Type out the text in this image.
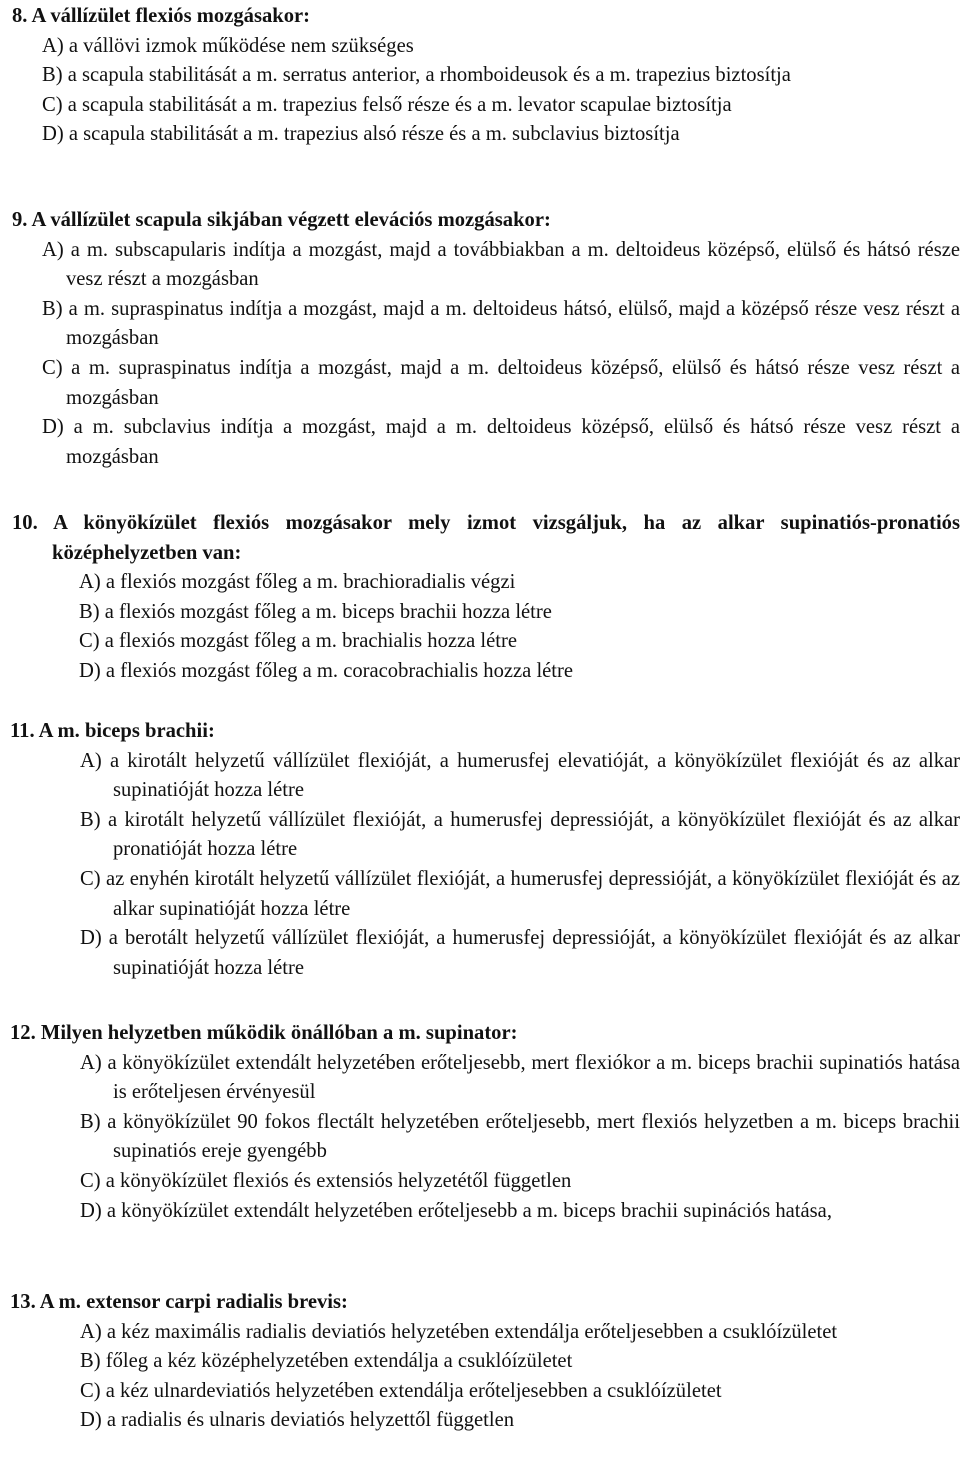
8. A vállízület flexiós mozgásakor:
A) a vállövi izmok működése nem szükséges
B) a scapula stabilitását a m. serratus anterior, a rhomboideusok és a m. trapezius biztosítja
C) a scapula stabilitását a m. trapezius felső része és a m. levator scapulae biztosítja
D) a scapula stabilitását a m. trapezius alsó része és a m. subclavius biztosítja
9. A vállízület scapula sikjában végzett elevációs mozgásakor:
A) a m. subscapularis indítja a mozgást, majd a továbbiakban a m. deltoideus középső, elülső és hátsó része vesz részt a mozgásban
B) a m. supraspinatus indítja a mozgást, majd a m. deltoideus hátsó, elülső, majd a középső része vesz részt a mozgásban
C) a m. supraspinatus indítja a mozgást, majd a m. deltoideus középső, elülső és hátsó része vesz részt a mozgásban
D) a m. subclavius indítja a mozgást, majd a m. deltoideus középső, elülső és hátsó része vesz részt a mozgásban
10. A könyökízület flexiós mozgásakor mely izmot vizsgáljuk, ha az alkar supinatiós-pronatiós középhelyzetben van:
A) a flexiós mozgást főleg a m. brachioradialis végzi
B) a flexiós mozgást főleg a m. biceps brachii hozza létre
C) a flexiós mozgást főleg a m. brachialis hozza létre
D) a flexiós mozgást főleg a m. coracobrachialis hozza létre
11. A m. biceps brachii:
A) a kirotált helyzetű vállízület flexióját, a humerusfej elevatióját, a könyökízület flexióját és az alkar supinatióját hozza létre
B) a kirotált helyzetű vállízület flexióját, a humerusfej depressióját, a könyökízület flexióját és az alkar pronatióját hozza létre
C) az enyhén kirotált helyzetű vállízület flexióját, a humerusfej depressióját, a könyökízület flexióját és az alkar supinatióját hozza létre
D) a berotált helyzetű vállízület flexióját, a humerusfej depressióját, a könyökízület flexióját és az alkar supinatióját hozza létre
12. Milyen helyzetben működik önállóban a m. supinator:
A) a könyökízület extendált helyzetében erőteljesebb, mert flexiókor a m. biceps brachii supinatiós hatása is erőteljesen érvényesül
B) a könyökízület 90 fokos flectált helyzetében erőteljesebb, mert flexiós helyzetben a m. biceps brachii supinatiós ereje gyengébb
C) a könyökízület flexiós és extensiós helyzetétől független
D) a könyökízület extendált helyzetében erőteljesebb a m. biceps brachii supinációs hatása,
13. A m. extensor carpi radialis brevis:
A) a kéz maximális radialis deviatiós helyzetében extendálja erőteljesebben a csuklóízületet
B) főleg a kéz középhelyzetében extendálja a csuklóízületet
C) a kéz ulnardeviatiós helyzetében extendálja erőteljesebben a csuklóízületet
D) a radialis és ulnaris deviatiós helyzettől független
